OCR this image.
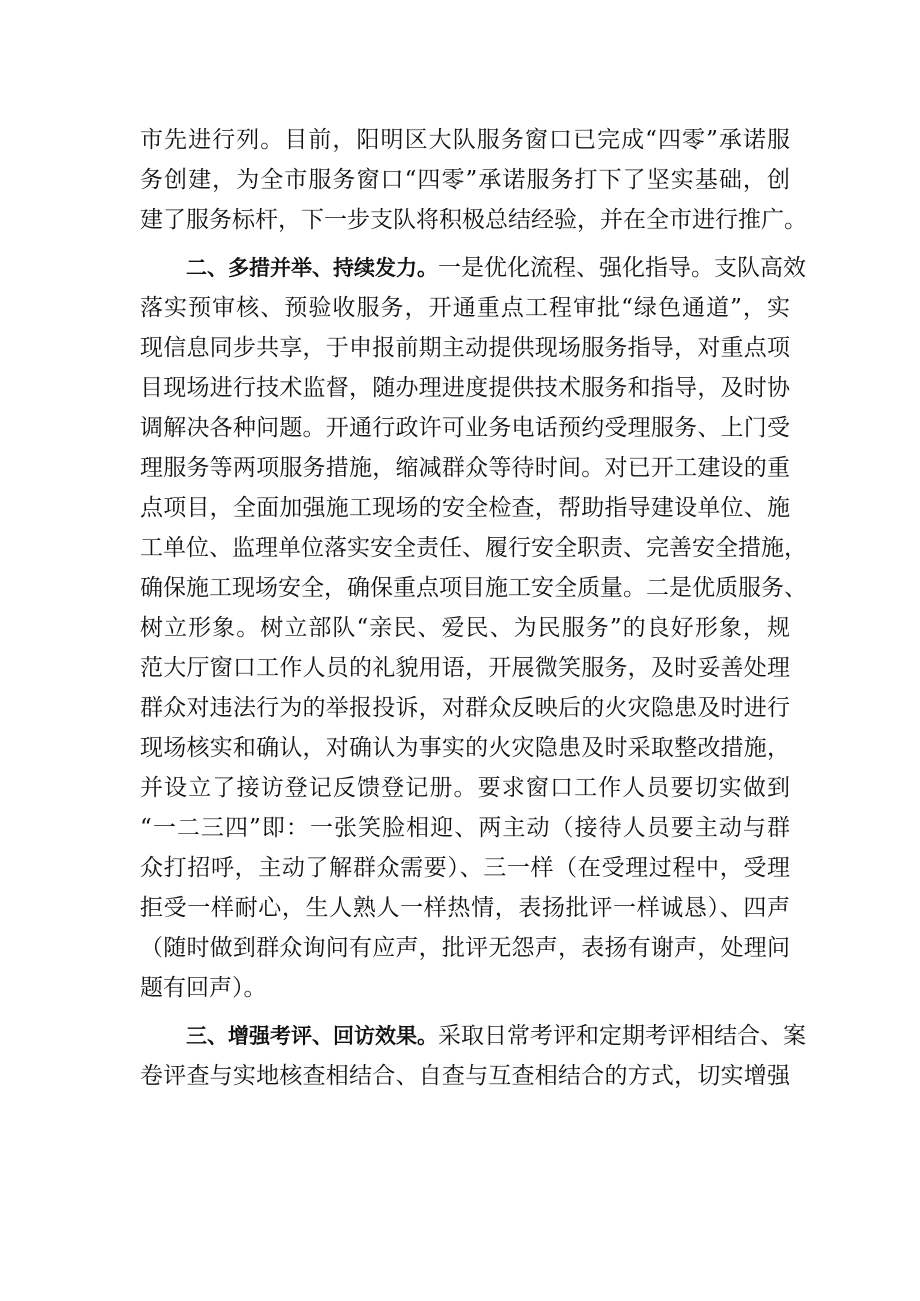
市先进行列。目前，阳明区大队服务窗口已完成“四零”承诺服
务创建，为全市服务窗口“四零”承诺服务打下了坚实基础，创
建了服务标杆，下一步支队将积极总结经验，并在全市进行推广。
二、多措并举、持续发力。一是优化流程、强化指导。支队高效
落实预审核、预验收服务，开通重点工程审批“绿色通道”，实
现信息同步共享，于申报前期主动提供现场服务指导，对重点项
目现场进行技术监督，随办理进度提供技术服务和指导，及时协
调解决各种问题。开通行政许可业务电话预约受理服务、上门受
理服务等两项服务措施，缩减群众等待时间。对已开工建设的重
点项目，全面加强施工现场的安全检查，帮助指导建设单位、施
工单位、监理单位落实安全责任、履行安全职责、完善安全措施，
确保施工现场安全，确保重点项目施工安全质量。二是优质服务、
树立形象。树立部队“亲民、爱民、为民服务”的良好形象，规
范大厅窗口工作人员的礼貌用语，开展微笑服务，及时妥善处理
群众对违法行为的举报投诉，对群众反映后的火灾隐患及时进行
现场核实和确认，对确认为事实的火灾隐患及时采取整改措施，
并设立了接访登记反馈登记册。要求窗口工作人员要切实做到
“一二三四”即：一张笑脸相迎、两主动（接待人员要主动与群
众打招呼，主动了解群众需要）、三一样（在受理过程中，受理
拒受一样耐心，生人熟人一样热情，表扬批评一样诚恳）、四声
（随时做到群众询问有应声，批评无怨声，表扬有谢声，处理问
题有回声）。
三、增强考评、回访效果。采取日常考评和定期考评相结合、案
卷评查与实地核查相结合、自查与互查相结合的方式，切实增强
